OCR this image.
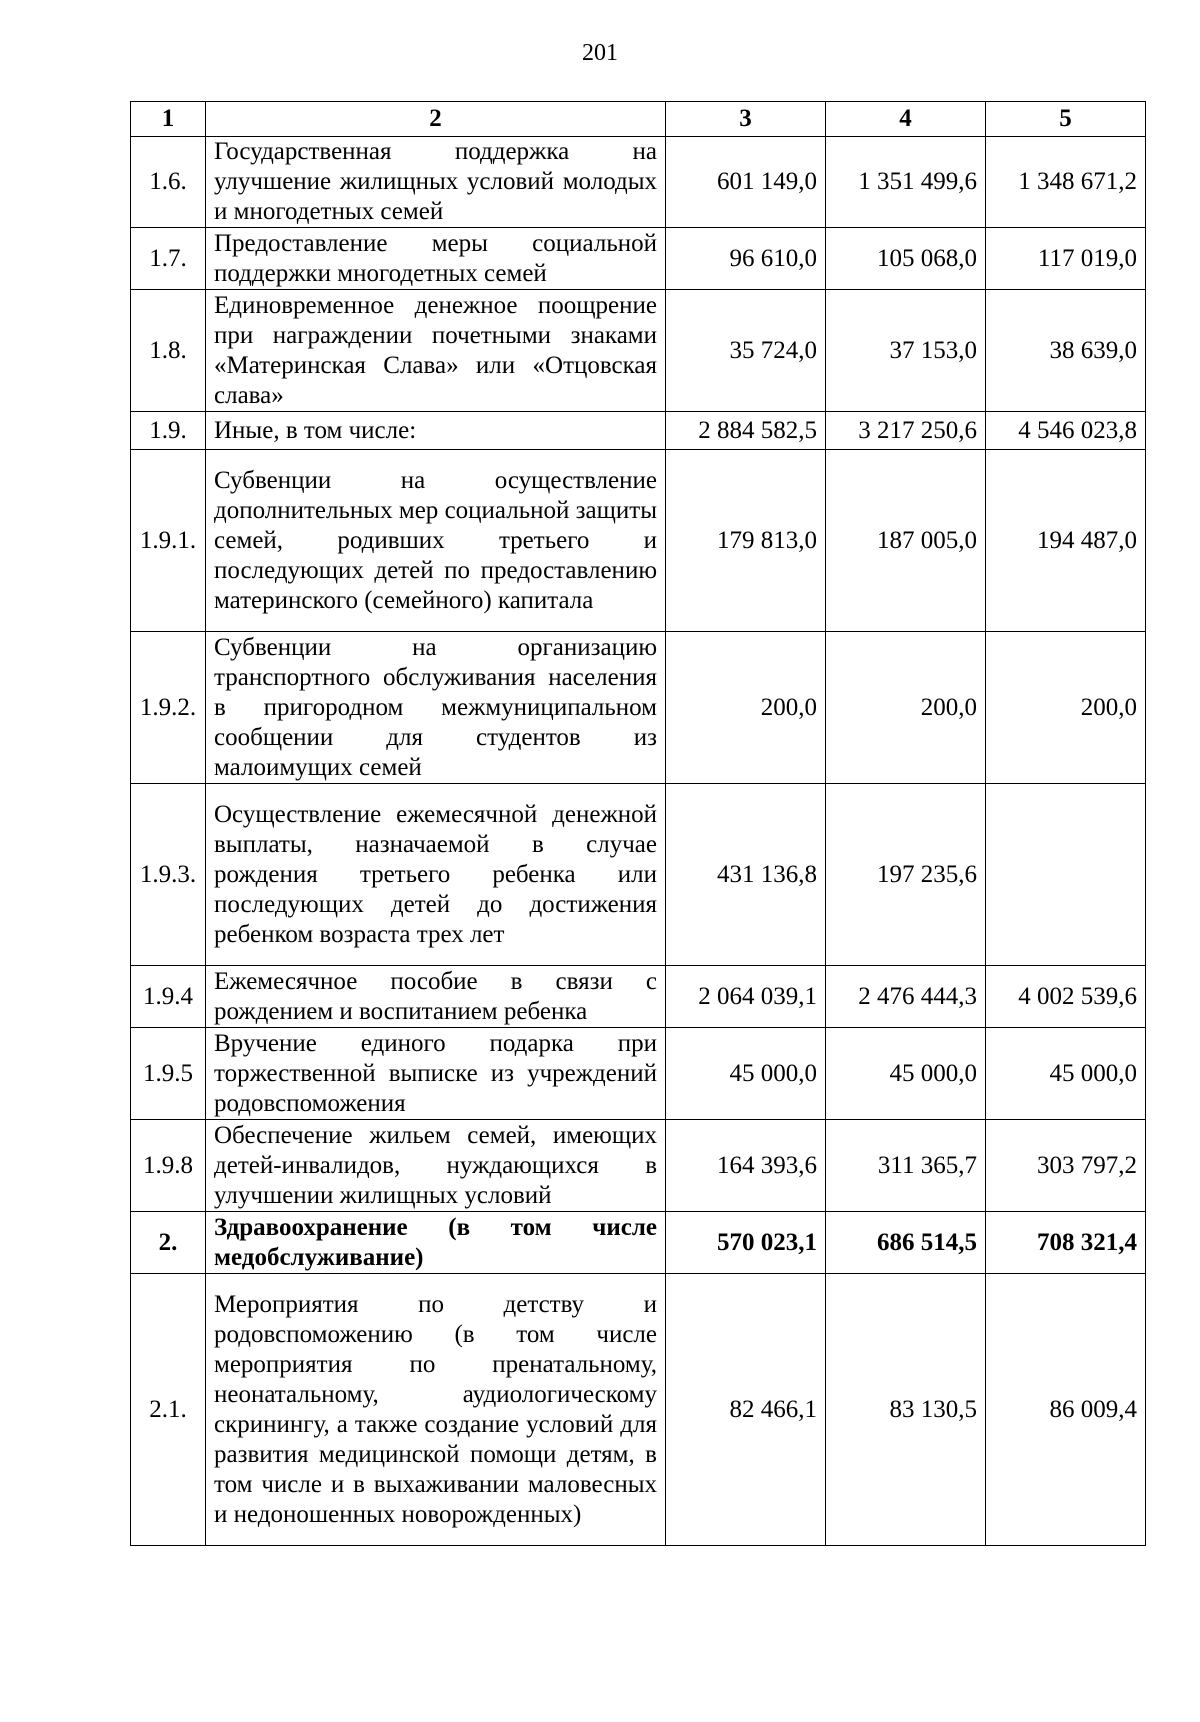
201
1	2	3	4	5
1.6.	Государственная поддержка на улучшение жилищных условий молодых и многодетных семей	601 149,0	1 351 499,6	1 348 671,2
1.7.	Предоставление меры социальной поддержки многодетных семей	96 610,0	105 068,0	117 019,0
1.8.	Единовременное денежное поощрение при награждении почетными знаками «Материнская Слава» или «Отцовская слава»	35 724,0	37 153,0	38 639,0
1.9.	Иные, в том числе:	2 884 582,5	3 217 250,6	4 546 023,8
1.9.1.	Субвенции на осуществление дополнительных мер социальной защиты семей, родивших третьего и последующих детей по предоставлению материнского (семейного) капитала	179 813,0	187 005,0	194 487,0
1.9.2.	Субвенции на организацию транспортного обслуживания населения в пригородном межмуниципальном сообщении для студентов из малоимущих семей	200,0	200,0	200,0
1.9.3.	Осуществление ежемесячной денежной выплаты, назначаемой в случае рождения третьего ребенка или последующих детей до достижения ребенком возраста трех лет	431 136,8	197 235,6	
1.9.4	Ежемесячное пособие в связи с рождением и воспитанием ребенка	2 064 039,1	2 476 444,3	4 002 539,6
1.9.5	Вручение единого подарка при торжественной выписке из учреждений родовспоможения	45 000,0	45 000,0	45 000,0
1.9.8	Обеспечение жильем семей, имеющих детей-инвалидов, нуждающихся в улучшении жилищных условий	164 393,6	311 365,7	303 797,2
2.	Здравоохранение (в том числе медобслуживание)	570 023,1	686 514,5	708 321,4
2.1.	Мероприятия по детству и родовспоможению (в том числе мероприятия по пренатальному, неонатальному, аудиологическому скринингу, а также создание условий для развития медицинской помощи детям, в том числе и в выхаживании маловесных и недоношенных новорожденных)	82 466,1	83 130,5	86 009,4
